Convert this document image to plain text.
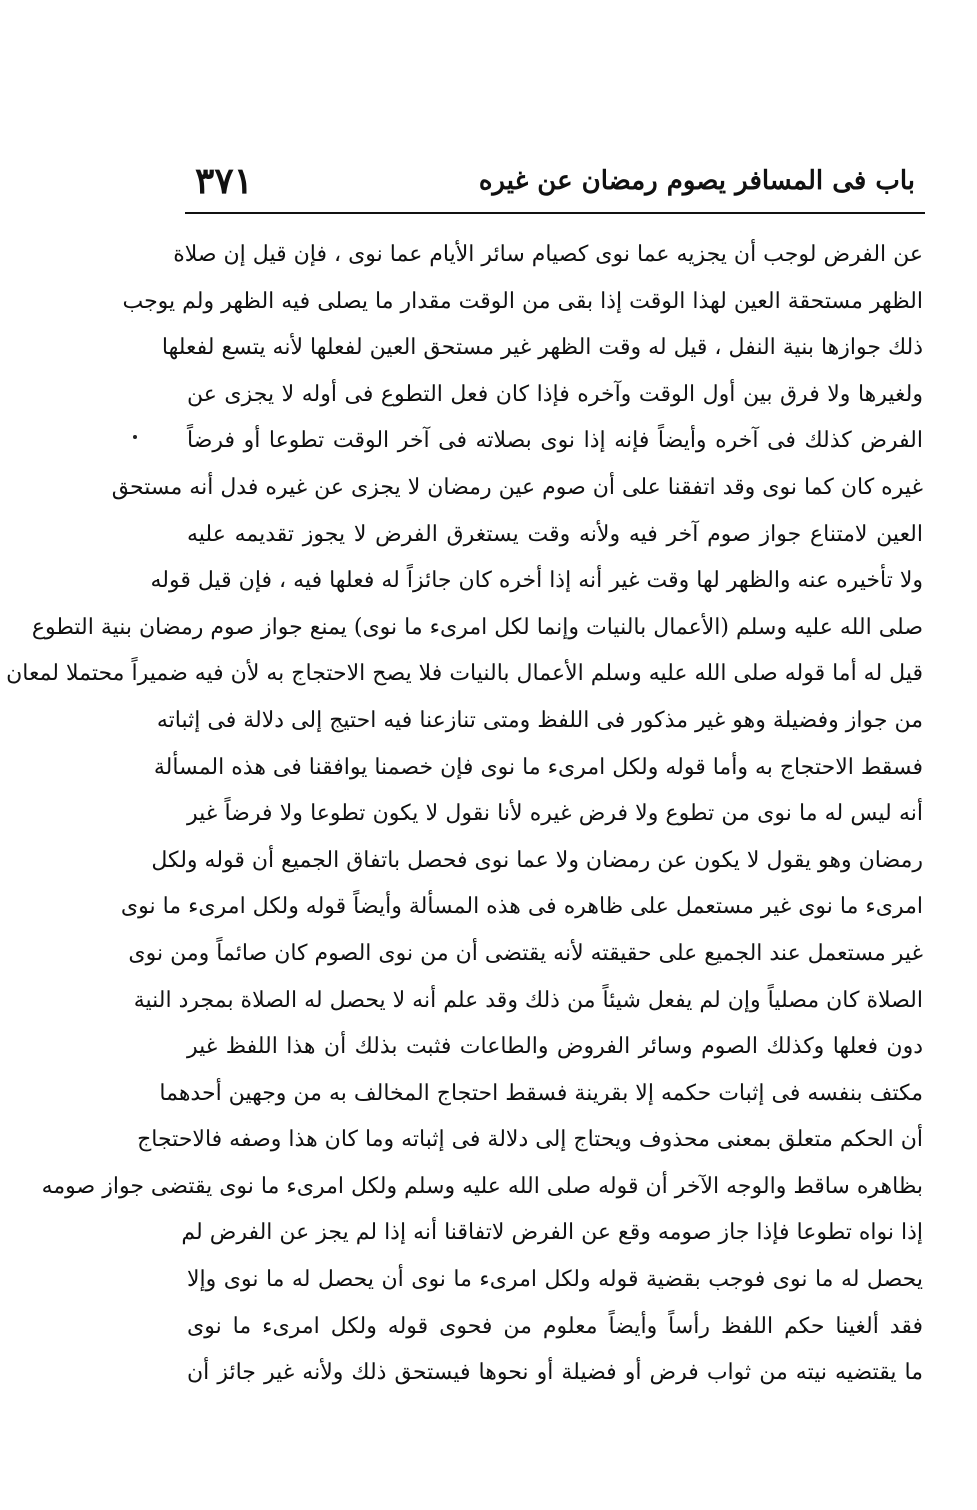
باب فى المسافر يصوم رمضان عن غيره
٣٧١
عن الفرض لوجب أن يجزيه عما نوى كصيام سائر الأيام عما نوى ، فإن قيل إن صلاة
الظهر مستحقة العين لهذا الوقت إذا بقى من الوقت مقدار ما يصلى فيه الظهر ولم يوجب
ذلك جوازها بنية النفل ، قيل له وقت الظهر غير مستحق العين لفعلها لأنه يتسع لفعلها
ولغيرها ولا فرق بين أول الوقت وآخره فإذا كان فعل التطوع فى أوله لا يجزى عن
الفرض كذلك فى آخره وأيضاً فإنه إذا نوى بصلاته فى آخر الوقت تطوعا أو فرضاً
غيره كان كما نوى وقد اتفقنا على أن صوم عين رمضان لا يجزى عن غيره فدل أنه مستحق
العين لامتناع جواز صوم آخر فيه ولأنه وقت يستغرق الفرض لا يجوز تقديمه عليه
ولا تأخيره عنه والظهر لها وقت غير أنه إذا أخره كان جائزاً له فعلها فيه ، فإن قيل قوله
صلى الله عليه وسلم (الأعمال بالنيات وإنما لكل امرىء ما نوى) يمنع جواز صوم رمضان بنية التطوع
قيل له أما قوله صلى الله عليه وسلم الأعمال بالنيات فلا يصح الاحتجاج به لأن فيه ضميراً محتملا لمعان
من جواز وفضيلة وهو غير مذكور فى اللفظ ومتى تنازعنا فيه احتيج إلى دلالة فى إثباته
فسقط الاحتجاج به وأما قوله ولكل امرىء ما نوى فإن خصمنا يوافقنا فى هذه المسألة
أنه ليس له ما نوى من تطوع ولا فرض غيره لأنا نقول لا يكون تطوعا ولا فرضاً غير
رمضان وهو يقول لا يكون عن رمضان ولا عما نوى فحصل باتفاق الجميع أن قوله ولكل
امرىء ما نوى غير مستعمل على ظاهره فى هذه المسألة وأيضاً قوله ولكل امرىء ما نوى
غير مستعمل عند الجميع على حقيقته لأنه يقتضى أن من نوى الصوم كان صائماً ومن نوى
الصلاة كان مصلياً وإن لم يفعل شيئاً من ذلك وقد علم أنه لا يحصل له الصلاة بمجرد النية
دون فعلها وكذلك الصوم وسائر الفروض والطاعات فثبت بذلك أن هذا اللفظ غير
مكتف بنفسه فى إثبات حكمه إلا بقرينة فسقط احتجاج المخالف به من وجهين أحدهما
أن الحكم متعلق بمعنى محذوف ويحتاج إلى دلالة فى إثباته وما كان هذا وصفه فالاحتجاج
بظاهره ساقط والوجه الآخر أن قوله صلى الله عليه وسلم ولكل امرىء ما نوى يقتضى جواز صومه
إذا نواه تطوعا فإذا جاز صومه وقع عن الفرض لاتفاقنا أنه إذا لم يجز عن الفرض لم
يحصل له ما نوى فوجب بقضية قوله ولكل امرىء ما نوى أن يحصل له ما نوى وإلا
فقد ألغينا حكم اللفظ رأساً وأيضاً معلوم من فحوى قوله ولكل امرىء ما نوى
ما يقتضيه نيته من ثواب فرض أو فضيلة أو نحوها فيستحق ذلك ولأنه غير جائز أن
